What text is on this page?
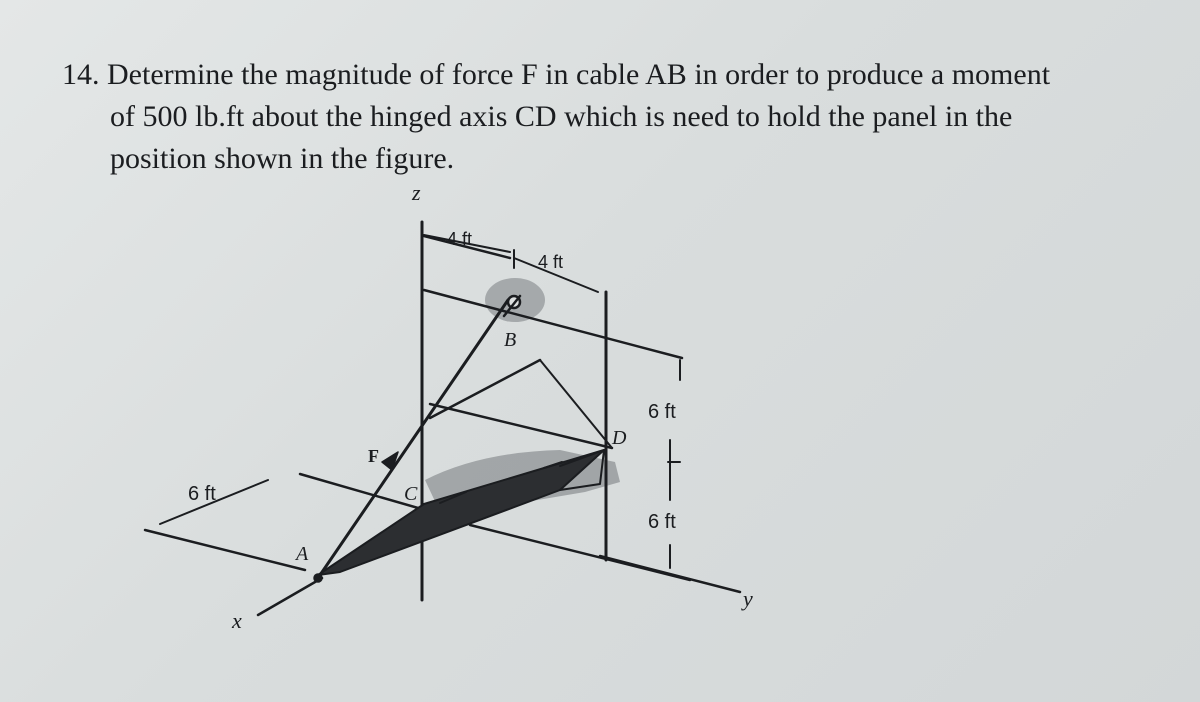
14. Determine the magnitude of force F in cable AB in order to produce a moment
of 500 lb.ft about the hinged axis CD which is need to hold the panel in the
position shown in the figure.
z
x
y
4 ft
4 ft
6 ft
6 ft
6 ft
A
B
C
D
F
